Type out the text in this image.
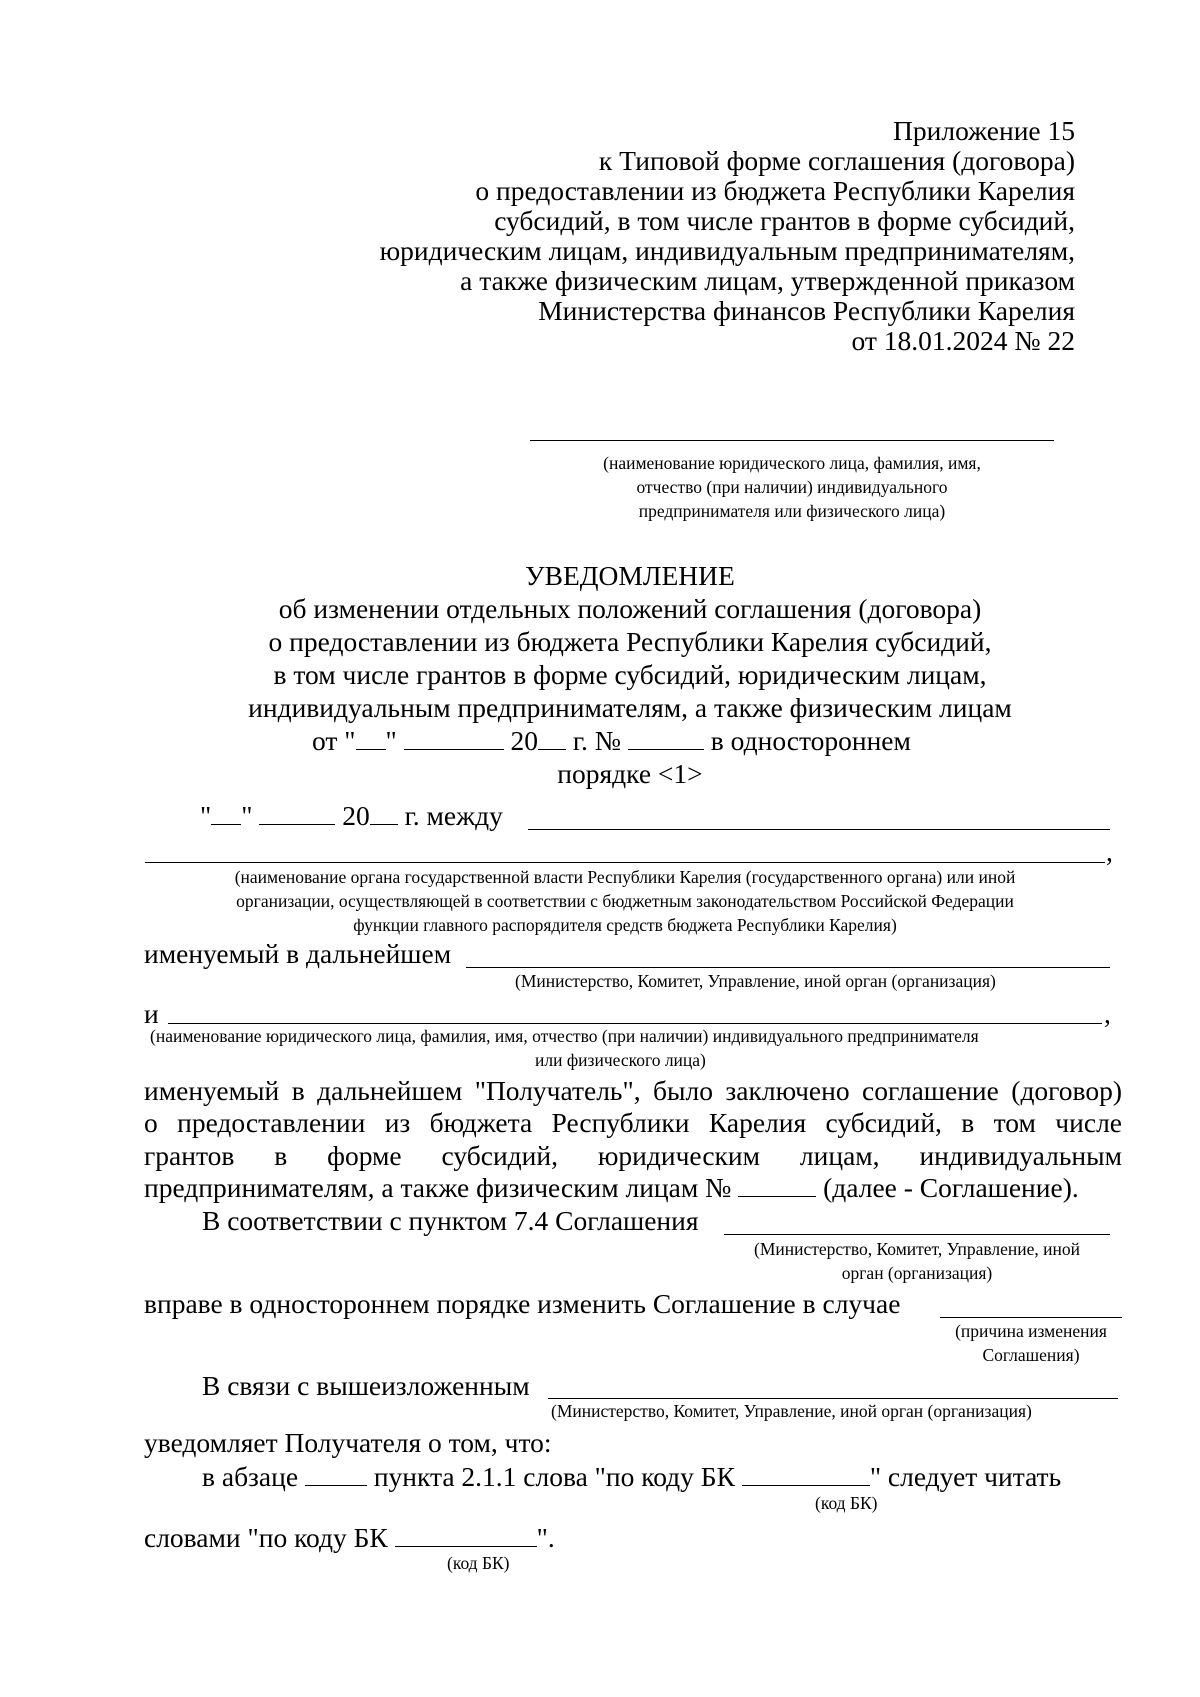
Приложение 15
к Типовой форме соглашения (договора)
о предоставлении из бюджета Республики Карелия
субсидий, в том числе грантов в форме субсидий,
юридическим лицам, индивидуальным предпринимателям,
а также физическим лицам, утвержденной приказом
Министерства финансов Республики Карелия
от 18.01.2024 № 22
(наименование юридического лица, фамилия, имя,
отчество (при наличии) индивидуального
предпринимателя или физического лица)
УВЕДОМЛЕНИЕ
об изменении отдельных положений соглашения (договора)
о предоставлении из бюджета Республики Карелия субсидий,
в том числе грантов в форме субсидий, юридическим лицам,
индивидуальным предпринимателям, а также физическим лицам
от " "	20 г. №	в одностороннем
порядке <1>
" "	20 г. между
,
(наименование органа государственной власти Республики Карелия (государственного органа) или иной
организации, осуществляющей в соответствии с бюджетным законодательством Российской Федерации
функции главного распорядителя средств бюджета Республики Карелия)
именуемый в дальнейшем
(Министерство, Комитет, Управление, иной орган (организация)
и	,
(наименование юридического лица, фамилия, имя, отчество (при наличии) индивидуального предпринимателя
или физического лица)
именуемый в дальнейшем "Получатель", было заключено соглашение (договор)
о предоставлении из бюджета Республики Карелия субсидий, в том числе
грантов в форме субсидий, юридическим лицам, индивидуальным
предпринимателям, а также физическим лицам №	(далее - Соглашение).
В соответствии с пунктом 7.4 Соглашения
(Министерство, Комитет, Управление, иной
орган (организация)
вправе в одностороннем порядке изменить Соглашение в случае
(причина изменения
Соглашения)
В связи с вышеизложенным
(Министерство, Комитет, Управление, иной орган (организация)
уведомляет Получателя о том, что:
в абзаце	пункта 2.1.1 слова "по коду БК	" следует читать
(код БК)
словами "по коду БК	".
(код БК)
